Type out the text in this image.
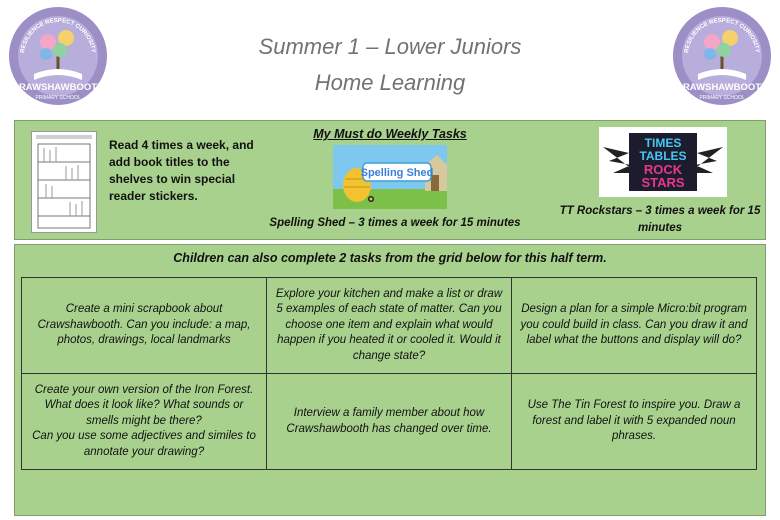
RESILIENCE RESPECT CURIOSITY
CRAWSHAWBOOTH
PRIMARY SCHOOL
RESILIENCE RESPECT CURIOSITY
CRAWSHAWBOOTH
PRIMARY SCHOOL
Summer 1 – Lower Juniors
Home Learning
Read 4 times a week, and add book titles to the shelves to win special reader stickers.
My Must do Weekly Tasks
Spelling Shed
Spelling Shed – 3 times a week for 15 minutes
TIMES
TABLES
ROCK
STARS
TT Rockstars – 3 times a week for 15 minutes
Children can also complete 2 tasks from the grid below for this half term.
Create a mini scrapbook about Crawshawbooth. Can you include: a map, photos, drawings, local landmarks	Explore your kitchen and make a list or draw 5 examples of each state of matter. Can you choose one item and explain what would happen if you heated it or cooled it. Would it change state?	Design a plan for a simple Micro:bit program you could build in class. Can you draw it and label what the buttons and display will do?
Create your own version of the Iron Forest. What does it look like? What sounds or smells might be there?
Can you use some adjectives and similes to annotate your drawing?	Interview a family member about how Crawshawbooth has changed over time.	Use The Tin Forest to inspire you. Draw a forest and label it with 5 expanded noun phrases.
